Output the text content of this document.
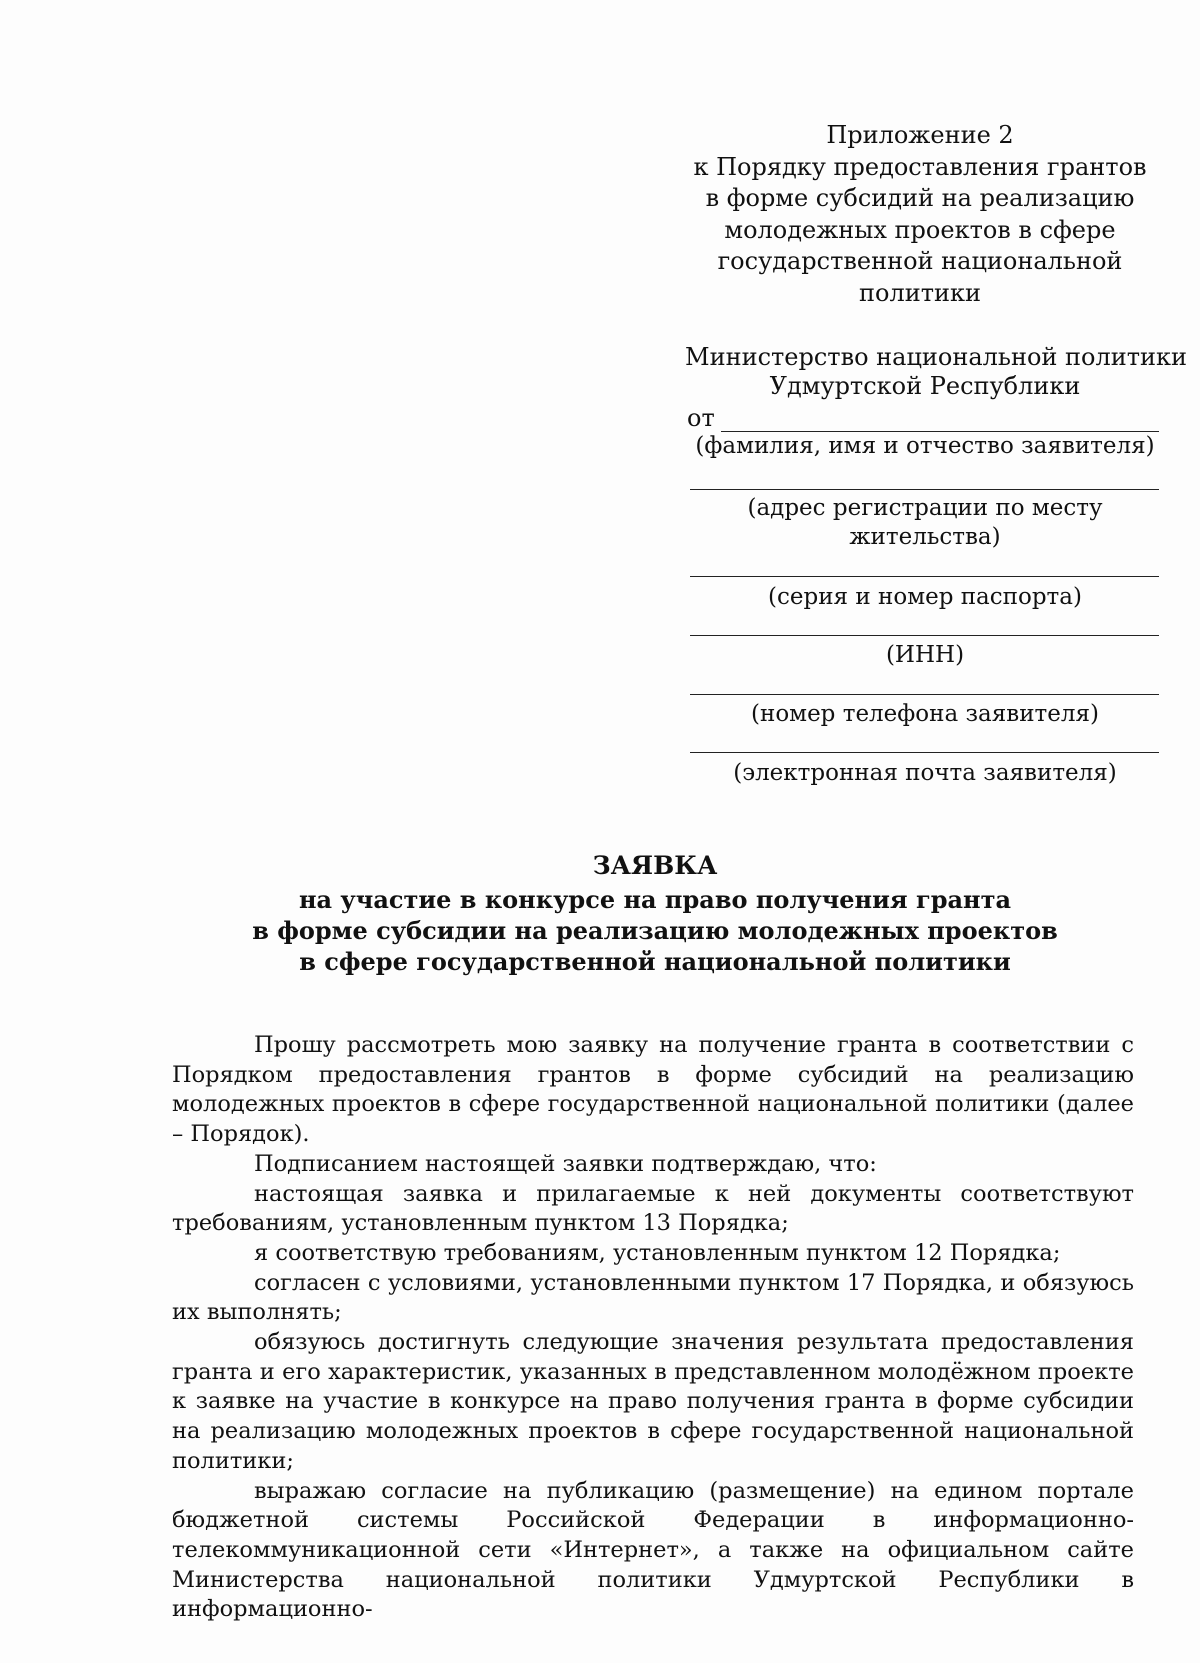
Приложение 2
к Порядку предоставления грантов
в форме субсидий на реализацию
молодежных проектов в сфере
государственной национальной
политики
Министерство национальной политики
Удмуртской Республики
от
(фамилия, имя и отчество заявителя)
(адрес регистрации по месту
жительства)
(серия и номер паспорта)
(ИНН)
(номер телефона заявителя)
(электронная почта заявителя)
ЗАЯВКА
на участие в конкурсе на право получения гранта
в форме субсидии на реализацию молодежных проектов
в сфере государственной национальной политики

Прошу рассмотреть мою заявку на получение гранта в соответствии с Порядком предоставления грантов в форме субсидий на реализацию молодежных проектов в сфере государственной национальной политики (далее – Порядок).

Подписанием настоящей заявки подтверждаю, что:

настоящая заявка и прилагаемые к ней документы соответствуют требованиям, установленным пунктом 13 Порядка;

я соответствую требованиям, установленным пунктом 12 Порядка;

согласен с условиями, установленными пунктом 17 Порядка, и обязуюсь их выполнять;

обязуюсь достигнуть следующие значения результата предоставления гранта и его характеристик, указанных в представленном молодёжном проекте к заявке на участие в конкурсе на право получения гранта в форме субсидии на реализацию молодежных проектов в сфере государственной национальной политики;

выражаю согласие на публикацию (размещение) на едином портале бюджетной системы Российской Федерации в информационно-телекоммуникационной сети «Интернет», а также на официальном сайте Министерства национальной политики Удмуртской Республики в информационно-
